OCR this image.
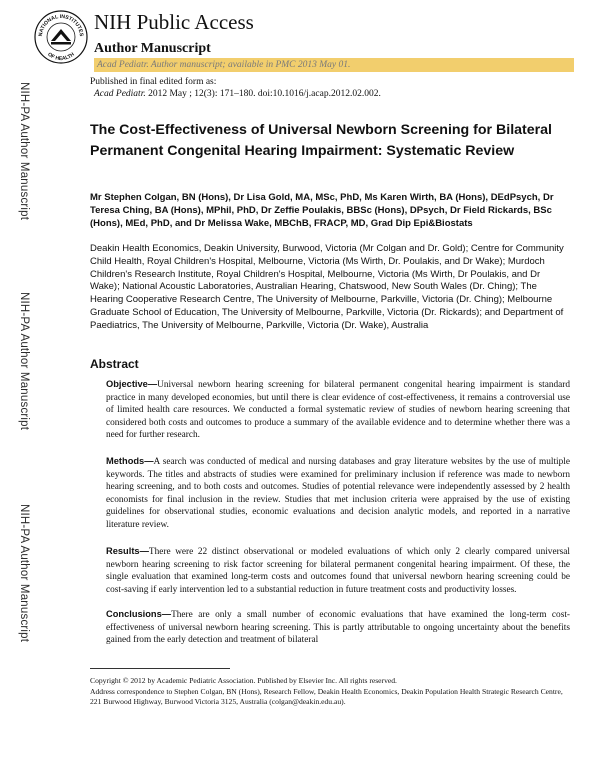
NATIONAL INSTITUTES
OF HEALTH
NIH Public Access
Author Manuscript
Acad Pediatr. Author manuscript; available in PMC 2013 May 01.
Published in final edited form as:
Acad Pediatr. 2012 May ; 12(3): 171–180. doi:10.1016/j.acap.2012.02.002.
NIH-PA Author Manuscript
NIH-PA Author Manuscript
NIH-PA Author Manuscript
The Cost-Effectiveness of Universal Newborn Screening for Bilateral Permanent Congenital Hearing Impairment: Systematic Review
Mr Stephen Colgan, BN (Hons), Dr Lisa Gold, MA, MSc, PhD, Ms Karen Wirth, BA (Hons), DEdPsych, Dr Teresa Ching, BA (Hons), MPhil, PhD, Dr Zeffie Poulakis, BBSc (Hons), DPsych, Dr Field Rickards, BSc (Hons), MEd, PhD, and Dr Melissa Wake, MBChB, FRACP, MD, Grad Dip Epi&Biostats
Deakin Health Economics, Deakin University, Burwood, Victoria (Mr Colgan and Dr. Gold); Centre for Community Child Health, Royal Children's Hospital, Melbourne, Victoria (Ms Wirth, Dr. Poulakis, and Dr Wake); Murdoch Children's Research Institute, Royal Children's Hospital, Melbourne, Victoria (Ms Wirth, Dr Poulakis, and Dr Wake); National Acoustic Laboratories, Australian Hearing, Chatswood, New South Wales (Dr. Ching); The Hearing Cooperative Research Centre, The University of Melbourne, Parkville, Victoria (Dr. Ching); Melbourne Graduate School of Education, The University of Melbourne, Parkville, Victoria (Dr. Rickards); and Department of Paediatrics, The University of Melbourne, Parkville, Victoria (Dr. Wake), Australia
Abstract
Objective—Universal newborn hearing screening for bilateral permanent congenital hearing impairment is standard practice in many developed economies, but until there is clear evidence of cost-effectiveness, it remains a controversial use of limited health care resources. We conducted a formal systematic review of studies of newborn hearing screening that considered both costs and outcomes to produce a summary of the available evidence and to determine whether there was a need for further research.
Methods—A search was conducted of medical and nursing databases and gray literature websites by the use of multiple keywords. The titles and abstracts of studies were examined for preliminary inclusion if reference was made to newborn hearing screening, and to both costs and outcomes. Studies of potential relevance were independently assessed by 2 health economists for final inclusion in the review. Studies that met inclusion criteria were appraised by the use of existing guidelines for observational studies, economic evaluations and decision analytic models, and reported in a narrative literature review.
Results—There were 22 distinct observational or modeled evaluations of which only 2 clearly compared universal newborn hearing screening to risk factor screening for bilateral permanent congenital hearing impairment. Of these, the single evaluation that examined long-term costs and outcomes found that universal newborn hearing screening could be cost-saving if early intervention led to a substantial reduction in future treatment costs and productivity losses.
Conclusions—There are only a small number of economic evaluations that have examined the long-term cost-effectiveness of universal newborn hearing screening. This is partly attributable to ongoing uncertainty about the benefits gained from the early detection and treatment of bilateral
Copyright © 2012 by Academic Pediatric Association. Published by Elsevier Inc. All rights reserved.
Address correspondence to Stephen Colgan, BN (Hons), Research Fellow, Deakin Health Economics, Deakin Population Health Strategic Research Centre, 221 Burwood Highway, Burwood Victoria 3125, Australia (colgan@deakin.edu.au).
